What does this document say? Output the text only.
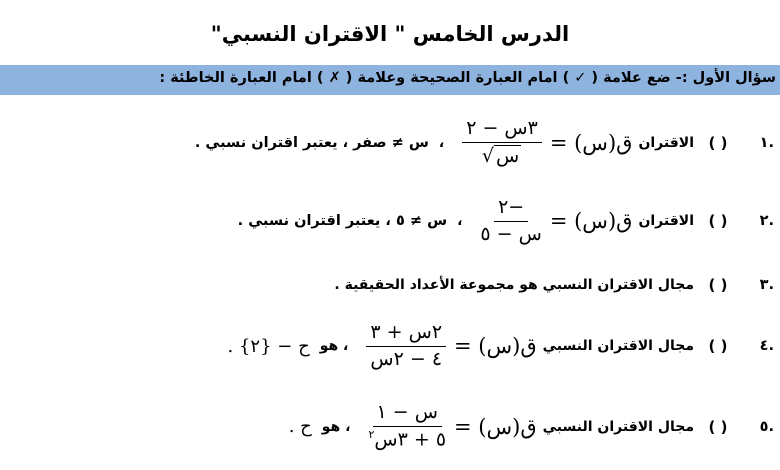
الدرس الخامس " الاقتران النسبي"
سؤال الأول :- ضع علامة ( ✓ ) امام العبارة الصحيحة وعلامة ( ✗ ) امام العبارة الخاطئة :
.١
( )
الاقتران
ق(س) =
٣س − ٢
س
√
،
س ≠ صفر ، يعتبر اقتران نسبي .
.٢
( )
الاقتران
ق(س) =
$\frac{-٢}{\text{س − ٥}}$
،
س ≠ ٥ ، يعتبر اقتران نسبي .
.٣
( )
مجال الاقتران النسبي هو مجموعة الأعداد الحقيقية .
.٤
( )
مجال الاقتران النسبي
ق(س) =
$\frac{\text{٢س + ٣}}{\text{٤ − ٢س}}$
، هو
ح − {٢} .
.٥
( )
مجال الاقتران النسبي
ق(س) =
$\frac{\text{س − ١}}{٥ + ٣س^٢}$
، هو
ح .
